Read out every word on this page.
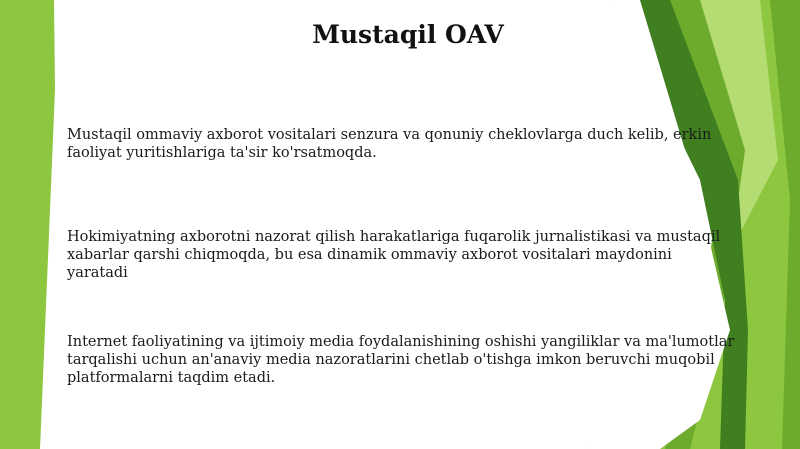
Mustaqil OAV

Mustaqil ommaviy axborot vositalari senzura va qonuniy cheklovlarga duch kelib, erkin faoliyat yuritishlariga ta'sir ko'rsatmoqda.

Hokimiyatning axborotni nazorat qilish harakatlariga fuqarolik jurnalistikasi va mustaqil xabarlar qarshi chiqmoqda, bu esa dinamik ommaviy axborot vositalari maydonini yaratadi

Internet faoliyatining va ijtimoiy media foydalanishining oshishi yangiliklar va ma'lumotlar tarqalishi uchun an'anaviy media nazoratlarini chetlab o'tishga imkon beruvchi muqobil platformalarni taqdim etadi.
